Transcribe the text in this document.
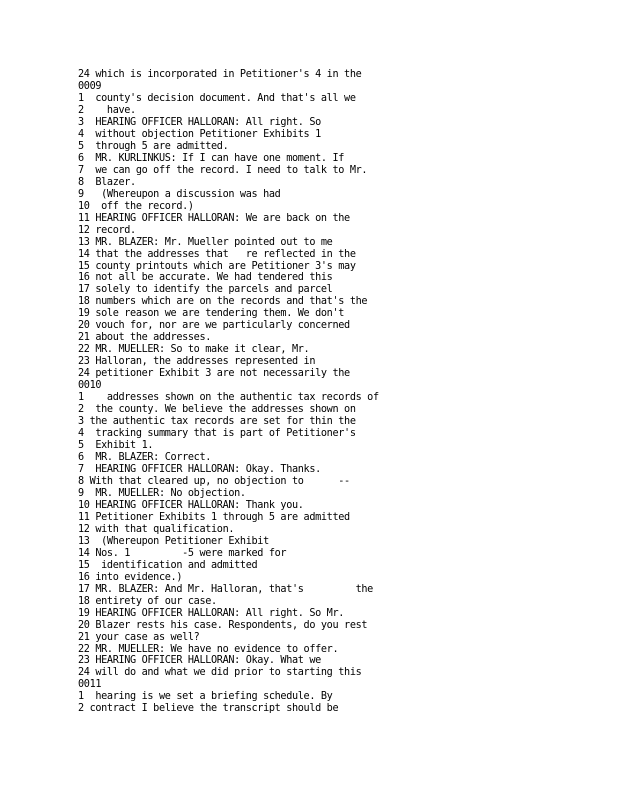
24 which is incorporated in Petitioner's 4 in the
0009
1  county's decision document. And that's all we
2    have.
3  HEARING OFFICER HALLORAN: All right. So
4  without objection Petitioner Exhibits 1
5  through 5 are admitted.
6  MR. KURLINKUS: If I can have one moment. If
7  we can go off the record. I need to talk to Mr.
8  Blazer.
9   (Whereupon a discussion was had
10  off the record.)
11 HEARING OFFICER HALLORAN: We are back on the
12 record.
13 MR. BLAZER: Mr. Mueller pointed out to me
14 that the addresses that   re reflected in the
15 county printouts which are Petitioner 3's may
16 not all be accurate. We had tendered this
17 solely to identify the parcels and parcel
18 numbers which are on the records and that's the
19 sole reason we are tendering them. We don't
20 vouch for, nor are we particularly concerned
21 about the addresses.
22 MR. MUELLER: So to make it clear, Mr.
23 Halloran, the addresses represented in
24 petitioner Exhibit 3 are not necessarily the
0010
1    addresses shown on the authentic tax records of
2  the county. We believe the addresses shown on
3 the authentic tax records are set for thin the
4  tracking summary that is part of Petitioner's
5  Exhibit 1.
6  MR. BLAZER: Correct.
7  HEARING OFFICER HALLORAN: Okay. Thanks.
8 With that cleared up, no objection to      --
9  MR. MUELLER: No objection.
10 HEARING OFFICER HALLORAN: Thank you.
11 Petitioner Exhibits 1 through 5 are admitted
12 with that qualification.
13  (Whereupon Petitioner Exhibit
14 Nos. 1         -5 were marked for
15  identification and admitted
16 into evidence.)
17 MR. BLAZER: And Mr. Halloran, that's         the
18 entirety of our case.
19 HEARING OFFICER HALLORAN: All right. So Mr.
20 Blazer rests his case. Respondents, do you rest
21 your case as well?
22 MR. MUELLER: We have no evidence to offer.
23 HEARING OFFICER HALLORAN: Okay. What we
24 will do and what we did prior to starting this
0011
1  hearing is we set a briefing schedule. By
2 contract I believe the transcript should be
